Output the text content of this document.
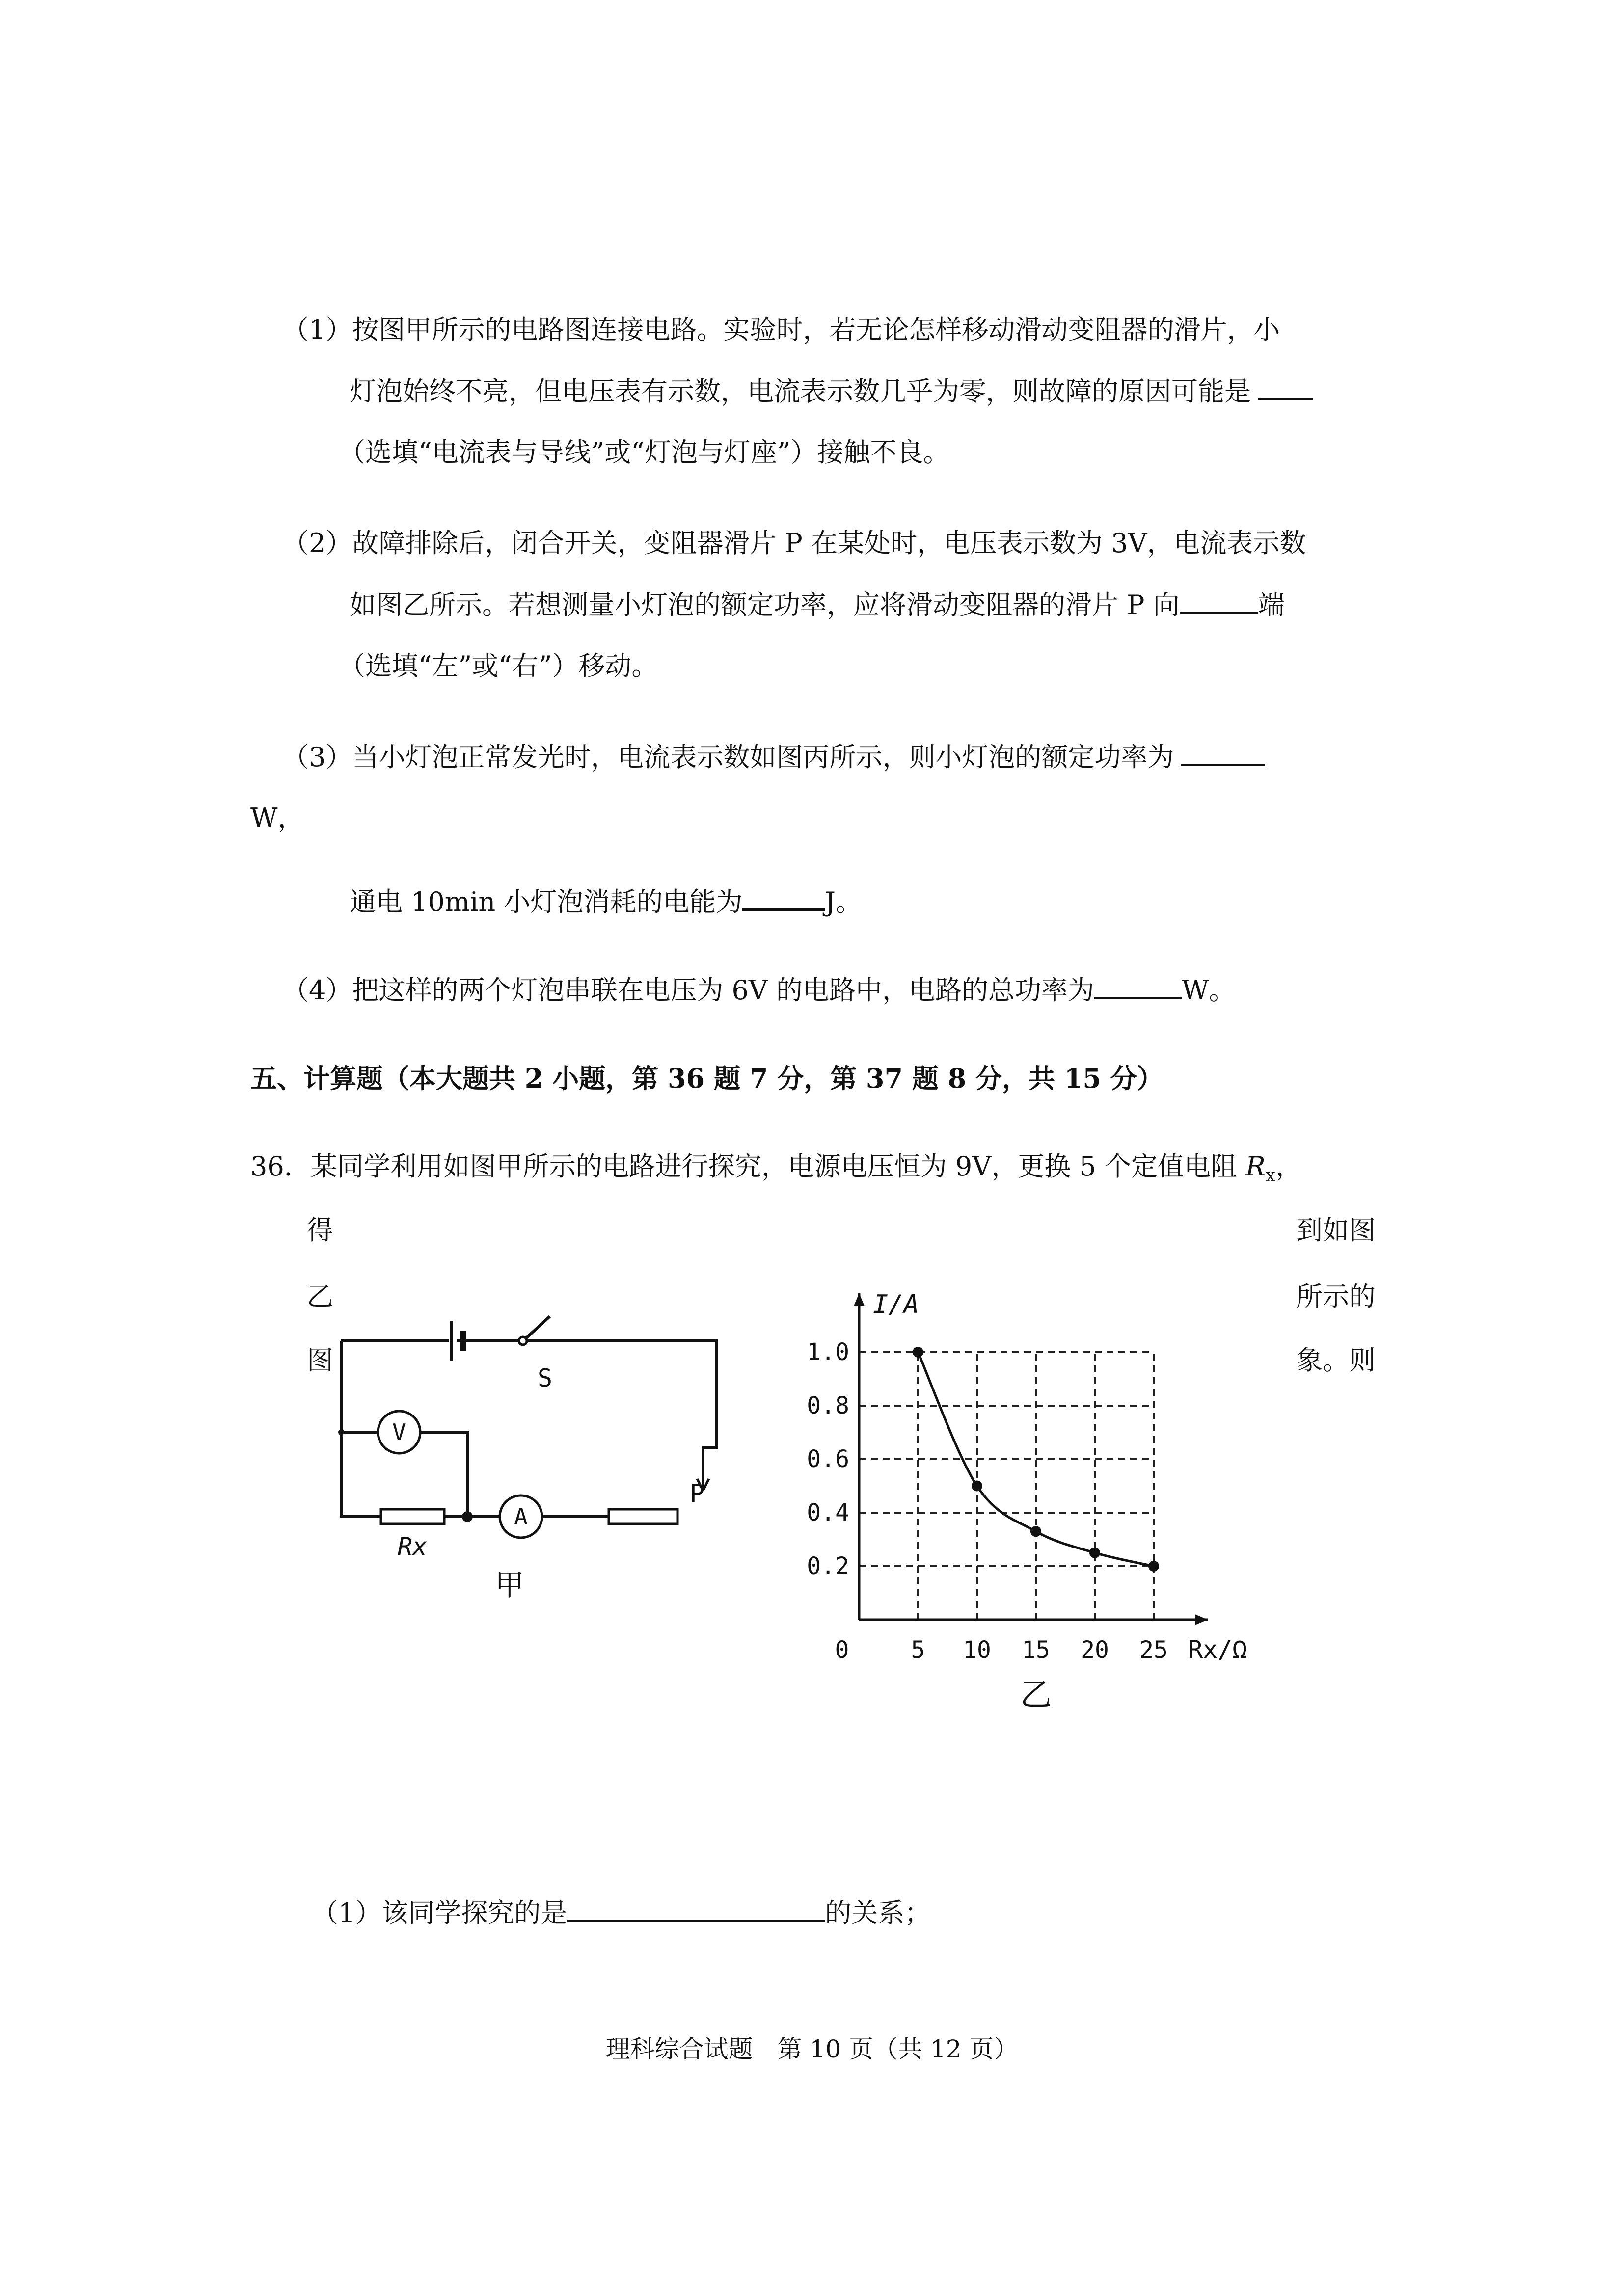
（1）按图甲所示的电路图连接电路。实验时，若无论怎样移动滑动变阻器的滑片，小
灯泡始终不亮，但电压表有示数，电流表示数几乎为零，则故障的原因可能是
（选填“电流表与导线”或“灯泡与灯座”）接触不良。
（2）故障排除后，闭合开关，变阻器滑片 P 在某处时，电压表示数为 3V，电流表示数
如图乙所示。若想测量小灯泡的额定功率，应将滑动变阻器的滑片 P 向	端
（选填“左”或“右”）移动。
（3）当小灯泡正常发光时，电流表示数如图丙所示，则小灯泡的额定功率为
W，
通电 10min 小灯泡消耗的电能为	J。
（4）把这样的两个灯泡串联在电压为 6V 的电路中，电路的总功率为	W。
五、计算题（本大题共 2 小题，第 36 题 7 分，第 37 题 8 分，共 15 分）
36．某同学利用如图甲所示的电路进行探究，电源电压恒为 9V，更换 5 个定值电阻 $R_x$，
得
乙
图
到如图
所示的
象。则
S
V
A
P
Rx
甲
0	5 10 15 20 25
0.2
0.4
0.6
0.8
1.0
I/A
Rx/Ω
乙
（1）该同学探究的是	的关系；
理科综合试题　第 10 页（共 12 页）
